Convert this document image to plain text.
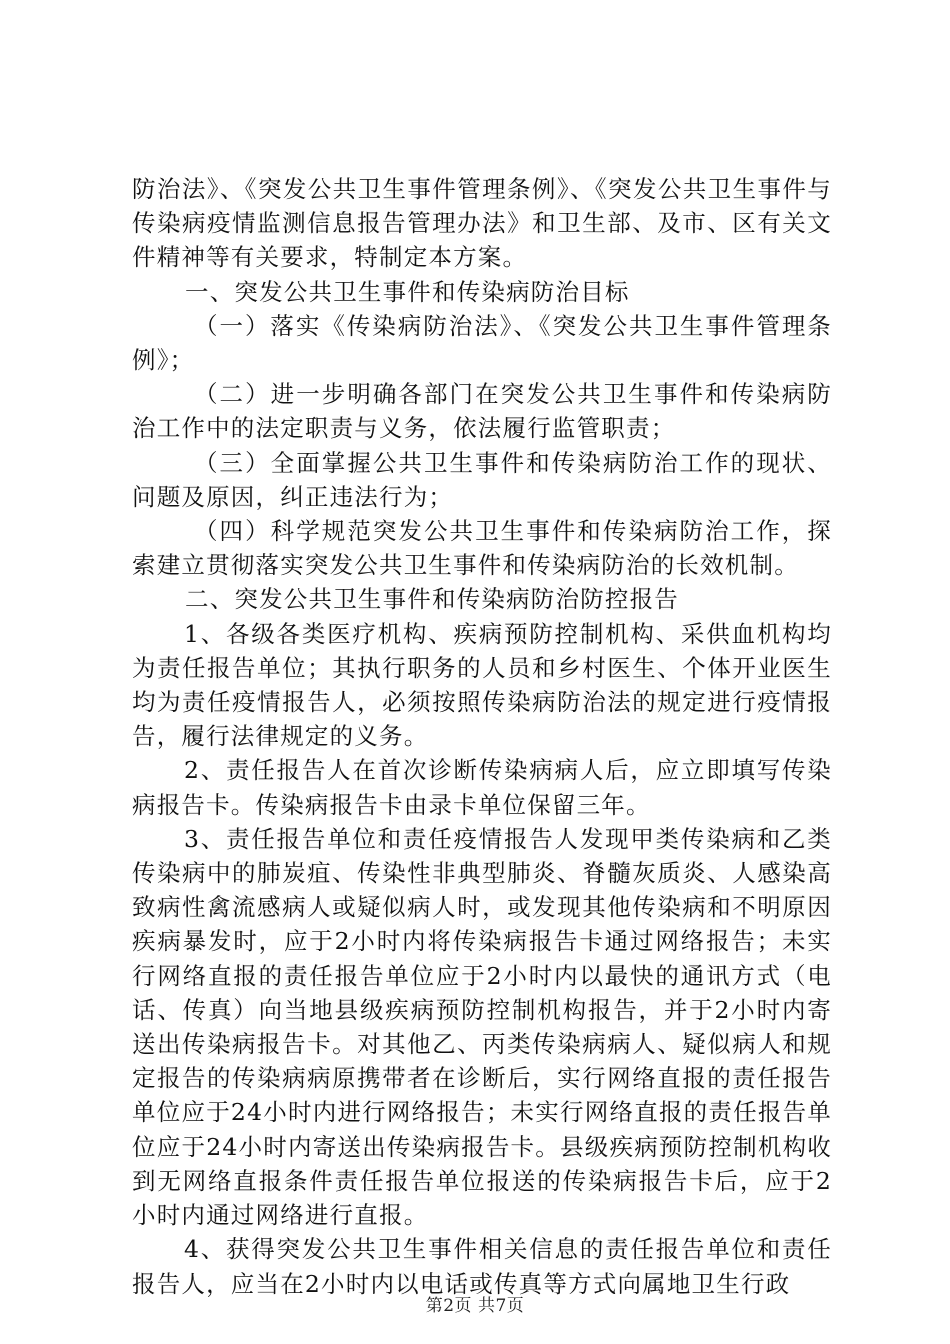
防治法》、《突发公共卫生事件管理条例》、《突发公共卫生事件与传染病疫情监测信息报告管理办法》和卫生部、及市、区有关文件精神等有关要求，特制定本方案。

一、突发公共卫生事件和传染病防治目标

（一）落实《传染病防治法》、《突发公共卫生事件管理条例》；

（二）进一步明确各部门在突发公共卫生事件和传染病防治工作中的法定职责与义务，依法履行监管职责；

（三）全面掌握公共卫生事件和传染病防治工作的现状、问题及原因，纠正违法行为；

（四）科学规范突发公共卫生事件和传染病防治工作，探索建立贯彻落实突发公共卫生事件和传染病防治的长效机制。

二、突发公共卫生事件和传染病防治防控报告

1、各级各类医疗机构、疾病预防控制机构、采供血机构均为责任报告单位；其执行职务的人员和乡村医生、个体开业医生均为责任疫情报告人，必须按照传染病防治法的规定进行疫情报告，履行法律规定的义务。

2、责任报告人在首次诊断传染病病人后，应立即填写传染病报告卡。传染病报告卡由录卡单位保留三年。

3、责任报告单位和责任疫情报告人发现甲类传染病和乙类传染病中的肺炭疽、传染性非典型肺炎、脊髓灰质炎、人感染高致病性禽流感病人或疑似病人时，或发现其他传染病和不明原因疾病暴发时，应于2小时内将传染病报告卡通过网络报告；未实行网络直报的责任报告单位应于2小时内以最快的通讯方式（电话、传真）向当地县级疾病预防控制机构报告，并于2小时内寄送出传染病报告卡。对其他乙、丙类传染病病人、疑似病人和规定报告的传染病病原携带者在诊断后，实行网络直报的责任报告单位应于24小时内进行网络报告；未实行网络直报的责任报告单位应于24小时内寄送出传染病报告卡。县级疾病预防控制机构收到无网络直报条件责任报告单位报送的传染病报告卡后，应于2小时内通过网络进行直报。

4、获得突发公共卫生事件相关信息的责任报告单位和责任报告人，应当在2小时内以电话或传真等方式向属地卫生行政

第2页 共7页
